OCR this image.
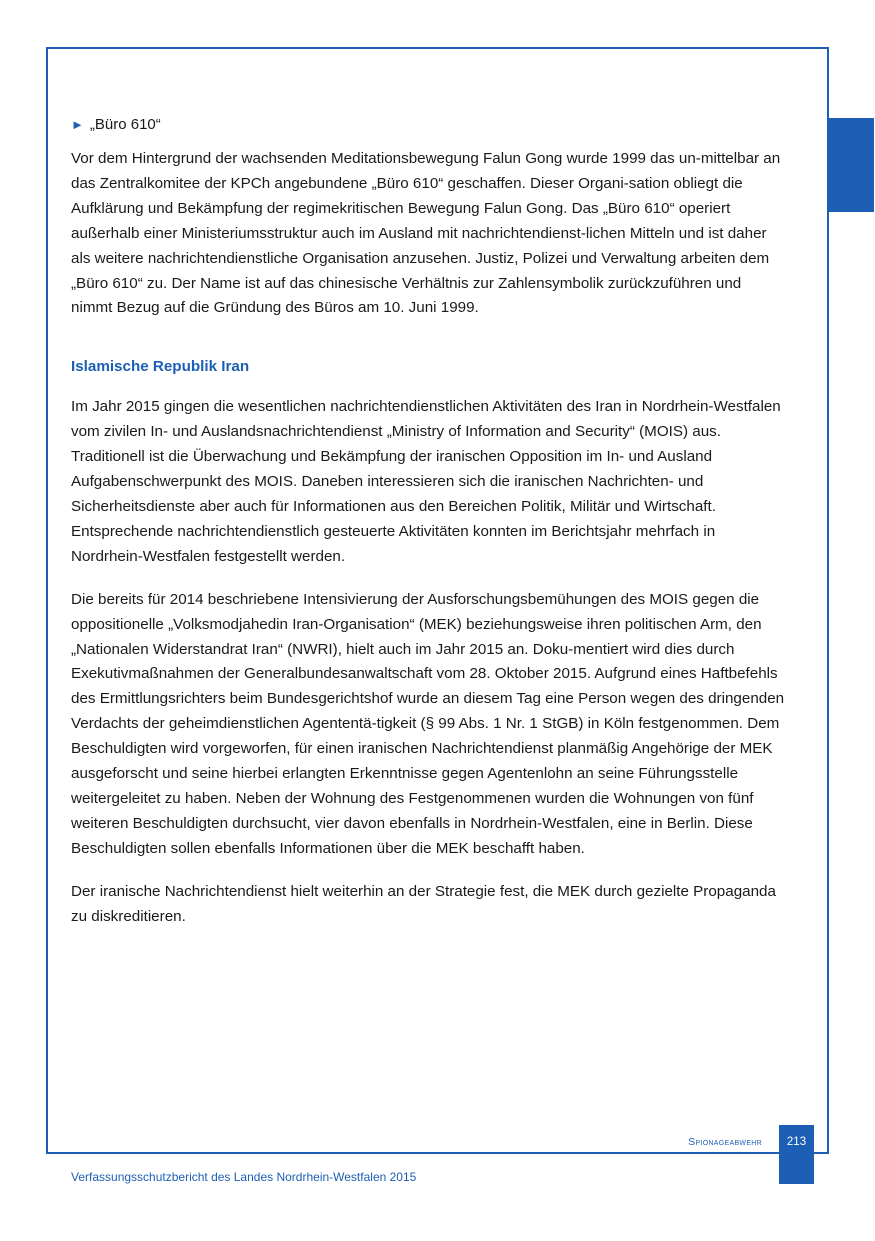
► „Büro 610“

Vor dem Hintergrund der wachsenden Meditationsbewegung Falun Gong wurde 1999 das un-mittelbar an das Zentralkomitee der KPCh angebundene „Büro 610“ geschaffen. Dieser Organi-sation obliegt die Aufklärung und Bekämpfung der regimekritischen Bewegung Falun Gong. Das „Büro 610“ operiert außerhalb einer Ministeriumsstruktur auch im Ausland mit nachrichtendienst-lichen Mitteln und ist daher als weitere nachrichtendienstliche Organisation anzusehen. Justiz, Polizei und Verwaltung arbeiten dem „Büro 610“ zu. Der Name ist auf das chinesische Verhältnis zur Zahlensymbolik zurückzuführen und nimmt Bezug auf die Gründung des Büros am 10. Juni 1999.

Islamische Republik Iran

Im Jahr 2015 gingen die wesentlichen nachrichtendienstlichen Aktivitäten des Iran in Nordrhein-Westfalen vom zivilen In- und Auslandsnachrichtendienst „Ministry of Information and Security“ (MOIS) aus. Traditionell ist die Überwachung und Bekämpfung der iranischen Opposition im In- und Ausland Aufgabenschwerpunkt des MOIS. Daneben interessieren sich die iranischen Nachrichten- und Sicherheitsdienste aber auch für Informationen aus den Bereichen Politik, Militär und Wirtschaft. Entsprechende nachrichtendienstlich gesteuerte Aktivitäten konnten im Berichtsjahr mehrfach in Nordrhein-Westfalen festgestellt werden.

Die bereits für 2014 beschriebene Intensivierung der Ausforschungsbemühungen des MOIS gegen die oppositionelle „Volksmodjahedin Iran-Organisation“ (MEK) beziehungsweise ihren politischen Arm, den „Nationalen Widerstandrat Iran“ (NWRI), hielt auch im Jahr 2015 an. Doku-mentiert wird dies durch Exekutivmaßnahmen der Generalbundesanwaltschaft vom 28. Oktober 2015. Aufgrund eines Haftbefehls des Ermittlungsrichters beim Bundesgerichtshof wurde an diesem Tag eine Person wegen des dringenden Verdachts der geheimdienstlichen Agententä-tigkeit (§ 99 Abs. 1 Nr. 1 StGB) in Köln festgenommen. Dem Beschuldigten wird vorgeworfen, für einen iranischen Nachrichtendienst planmäßig Angehörige der MEK ausgeforscht und seine hierbei erlangten Erkenntnisse gegen Agentenlohn an seine Führungsstelle weitergeleitet zu haben. Neben der Wohnung des Festgenommenen wurden die Wohnungen von fünf weiteren Beschuldigten durchsucht, vier davon ebenfalls in Nordrhein-Westfalen, eine in Berlin. Diese Beschuldigten sollen ebenfalls Informationen über die MEK beschafft haben.

Der iranische Nachrichtendienst hielt weiterhin an der Strategie fest, die MEK durch gezielte Propaganda zu diskreditieren.

Spionageabwehr	213
Verfassungsschutzbericht des Landes Nordrhein-Westfalen 2015
